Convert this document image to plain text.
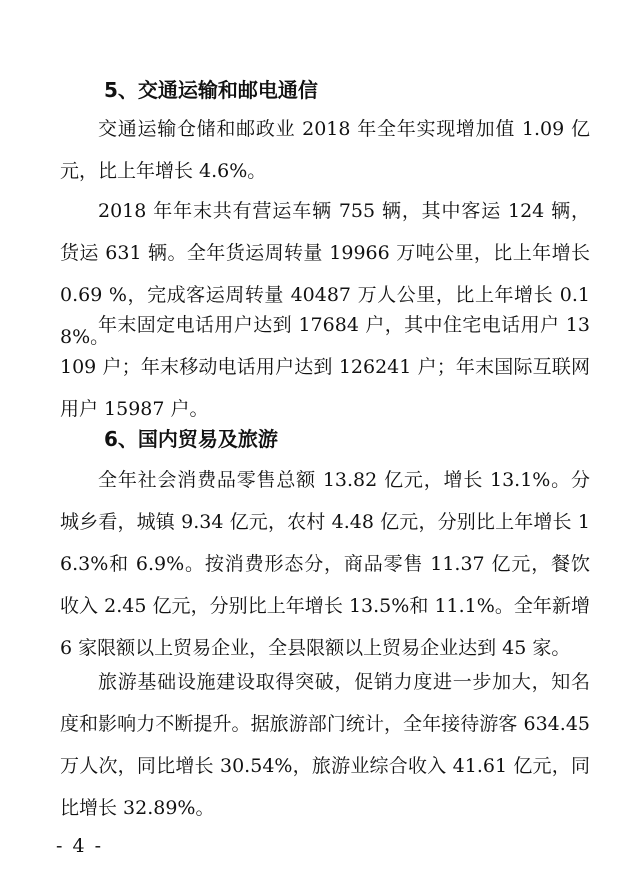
5、交通运输和邮电通信

交通运输仓储和邮政业 2018 年全年实现增加值 1.09 亿元，比上年增长 4.6%。

2018 年年末共有营运车辆 755 辆，其中客运 124 辆，货运 631 辆。全年货运周转量 19966 万吨公里，比上年增长 0.69 %，完成客运周转量 40487 万人公里，比上年增长 0.18%。

年末固定电话用户达到 17684 户，其中住宅电话用户 13109 户；年末移动电话用户达到 126241 户；年末国际互联网用户 15987 户。

6、国内贸易及旅游

全年社会消费品零售总额 13.82 亿元，增长 13.1%。分城乡看，城镇 9.34 亿元，农村 4.48 亿元，分别比上年增长 16.3%和 6.9%。按消费形态分，商品零售 11.37 亿元，餐饮收入 2.45 亿元，分别比上年增长 13.5%和 11.1%。全年新增 6 家限额以上贸易企业，全县限额以上贸易企业达到 45 家。

旅游基础设施建设取得突破，促销力度进一步加大，知名度和影响力不断提升。据旅游部门统计，全年接待游客 634.45 万人次，同比增长 30.54%，旅游业综合收入 41.61 亿元，同比增长 32.89%。

- 4 -
